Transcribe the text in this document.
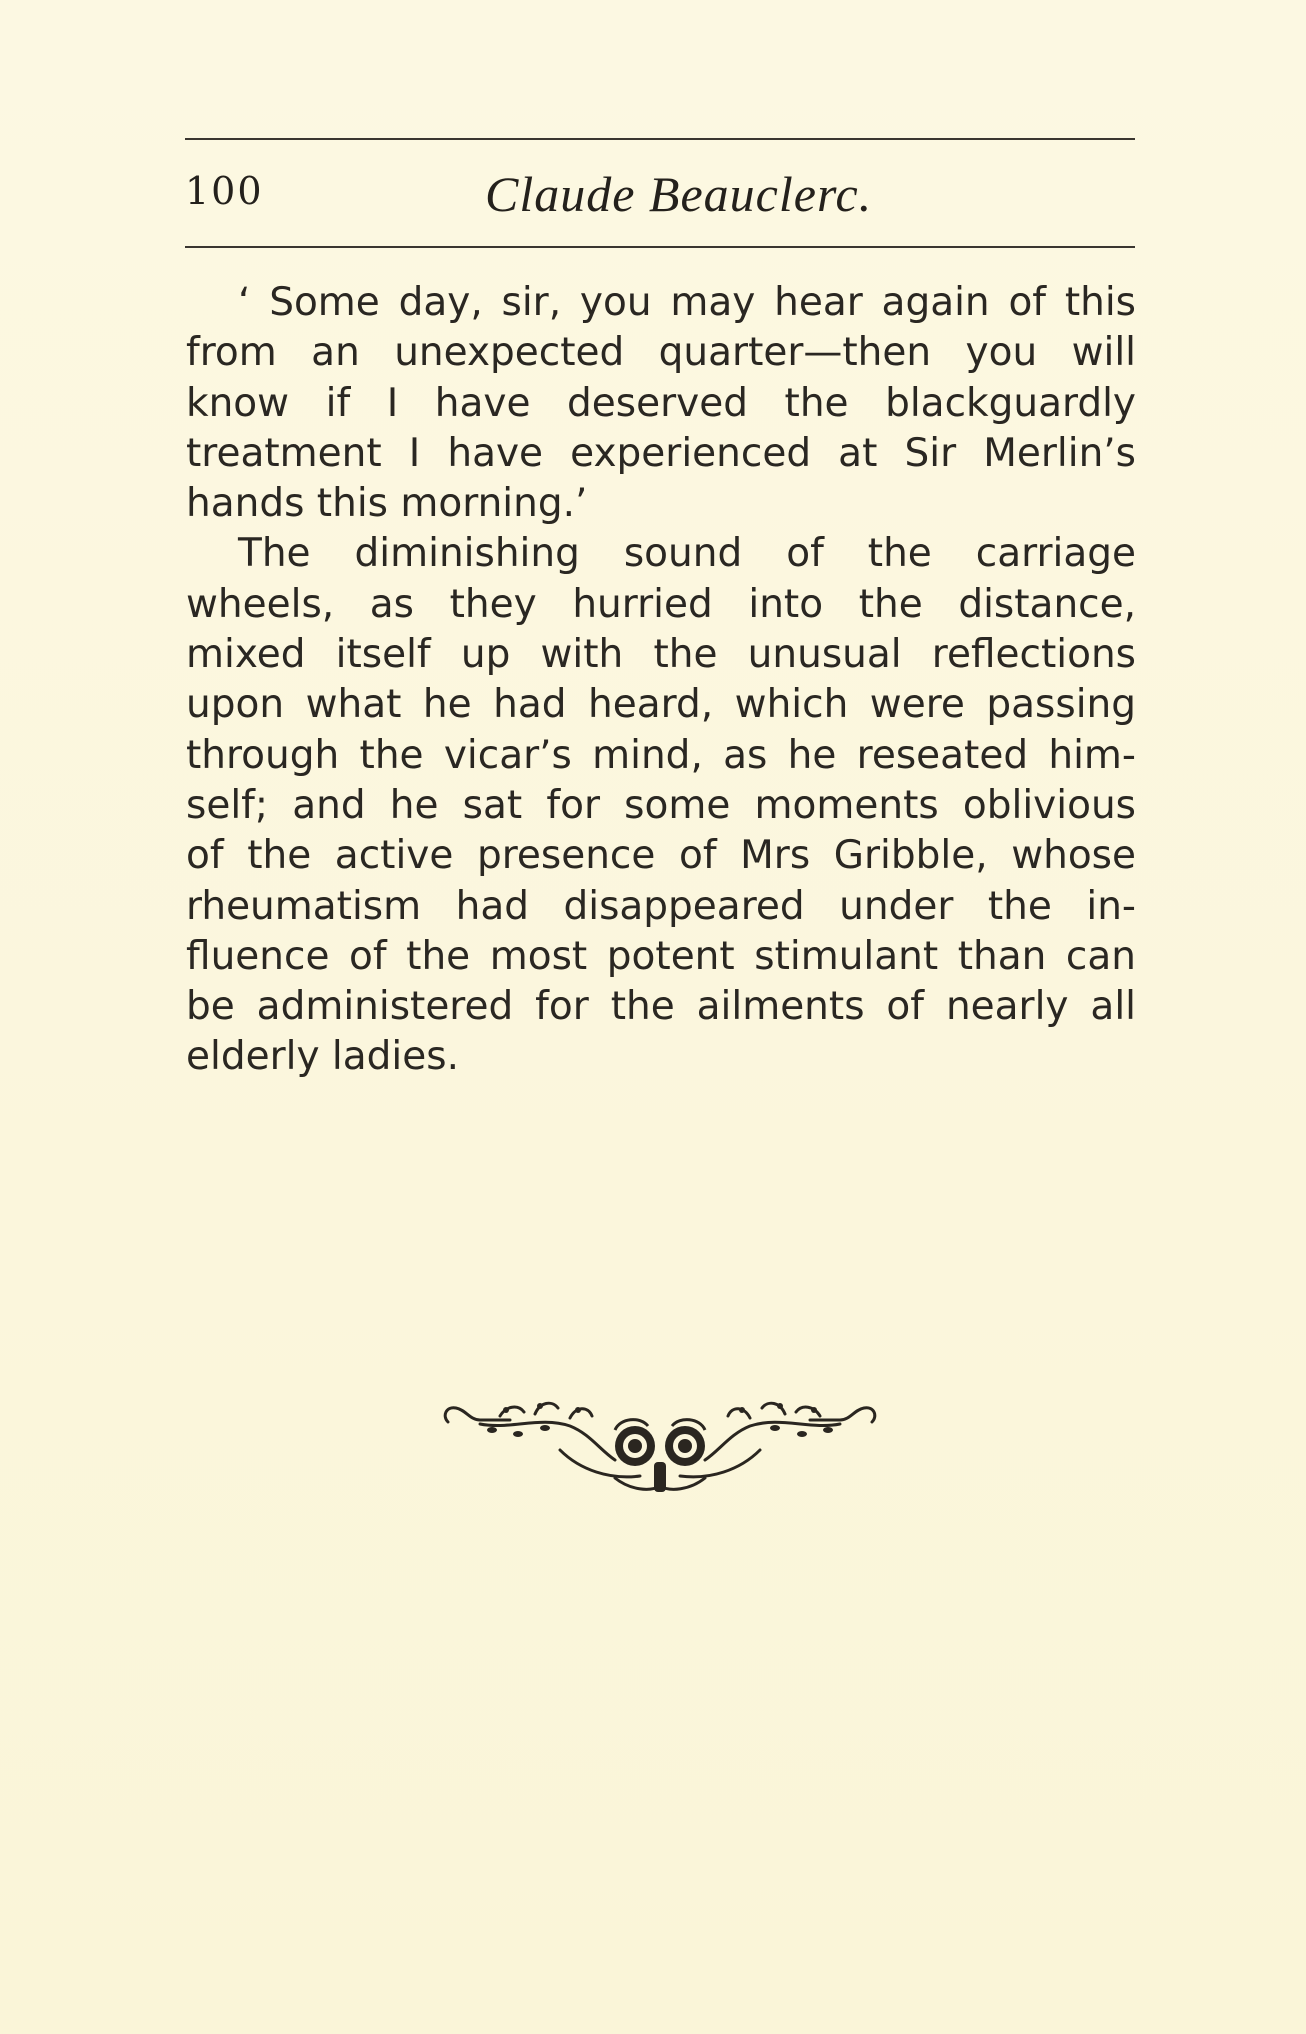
100	Claude Beauclerc.
‘ Some day, sir, you may hear again of this
from an unexpected quarter—then you will
know if I have deserved the blackguardly
treatment I have experienced at Sir Merlin’s
hands this morning.’
The diminishing sound of the carriage
wheels, as they hurried into the distance,
mixed itself up with the unusual reflections
upon what he had heard, which were passing
through the vicar’s mind, as he reseated him-
self; and he sat for some moments oblivious
of the active presence of Mrs Gribble, whose
rheumatism had disappeared under the in-
fluence of the most potent stimulant than can
be administered for the ailments of nearly all
elderly ladies.
